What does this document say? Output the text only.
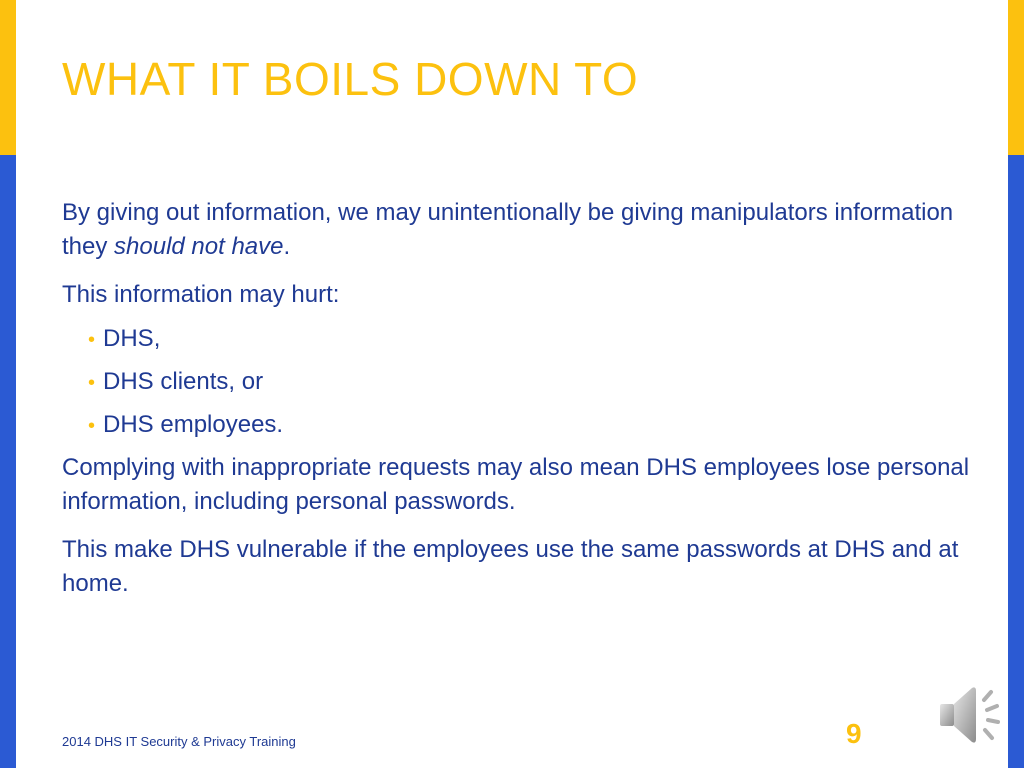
WHAT IT BOILS DOWN TO

By giving out information, we may unintentionally be giving manipulators information they should not have.

This information may hurt:

• DHS,
• DHS clients, or
• DHS employees.

Complying with inappropriate requests may also mean DHS employees lose personal information, including personal passwords.

This make DHS vulnerable if the employees use the same passwords at DHS and at home.

2014 DHS IT Security & Privacy Training	9
